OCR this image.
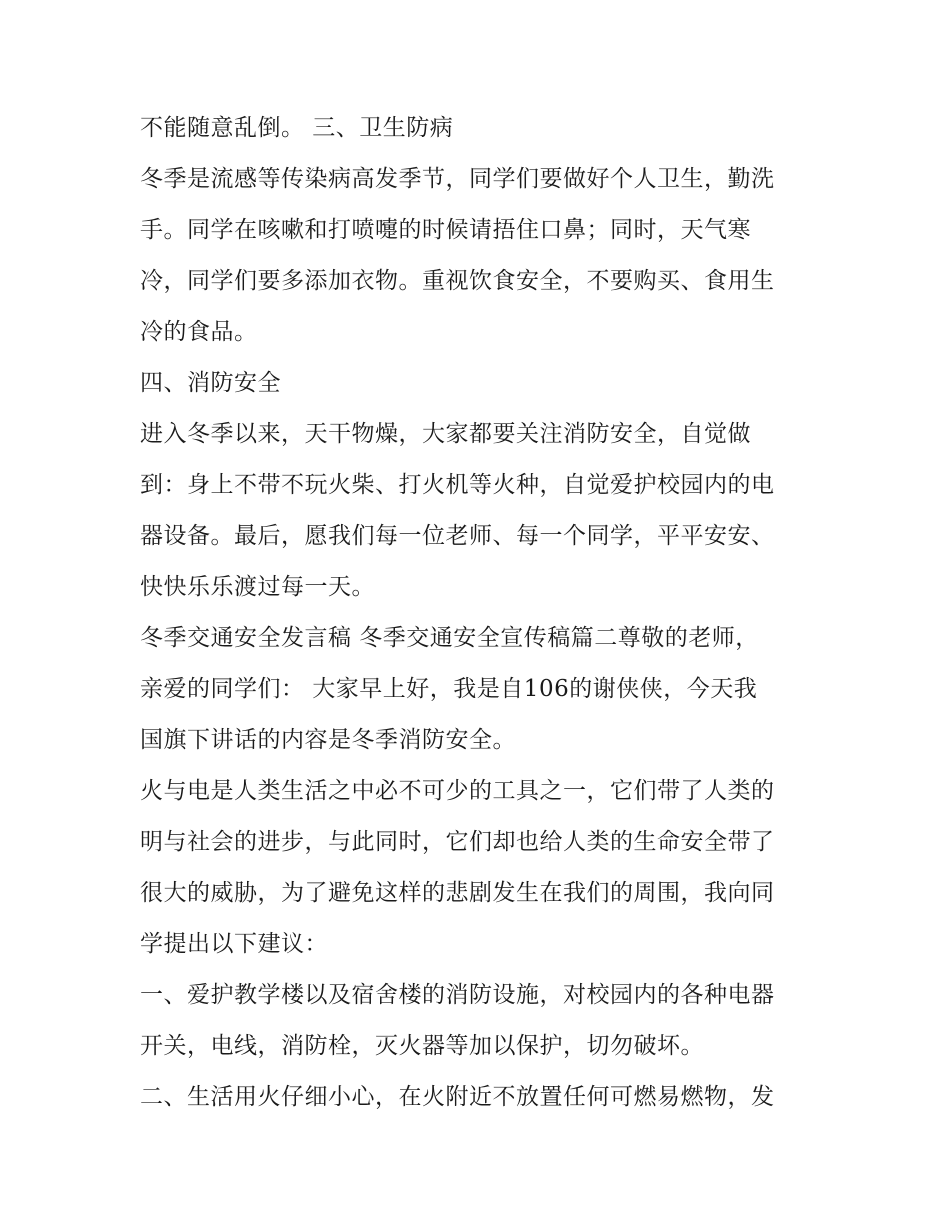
不能随意乱倒。 三、卫生防病

冬季是流感等传染病高发季节，同学们要做好个人卫生，勤洗

手。同学在咳嗽和打喷嚏的时候请捂住口鼻；同时，天气寒

冷，同学们要多添加衣物。重视饮食安全，不要购买、食用生

冷的食品。

四、消防安全

进入冬季以来，天干物燥，大家都要关注消防安全，自觉做

到：身上不带不玩火柴、打火机等火种，自觉爱护校园内的电

器设备。最后，愿我们每一位老师、每一个同学，平平安安、

快快乐乐渡过每一天。

冬季交通安全发言稿 冬季交通安全宣传稿篇二尊敬的老师，

亲爱的同学们： 大家早上好，我是自106的谢侠侠，今天我

国旗下讲话的内容是冬季消防安全。

火与电是人类生活之中必不可少的工具之一，它们带了人类的

明与社会的进步，与此同时，它们却也给人类的生命安全带了

很大的威胁，为了避免这样的悲剧发生在我们的周围，我向同

学提出以下建议：

一、爱护教学楼以及宿舍楼的消防设施，对校园内的各种电器

开关，电线，消防栓，灭火器等加以保护，切勿破坏。

二、生活用火仔细小心，在火附近不放置任何可燃易燃物，发
